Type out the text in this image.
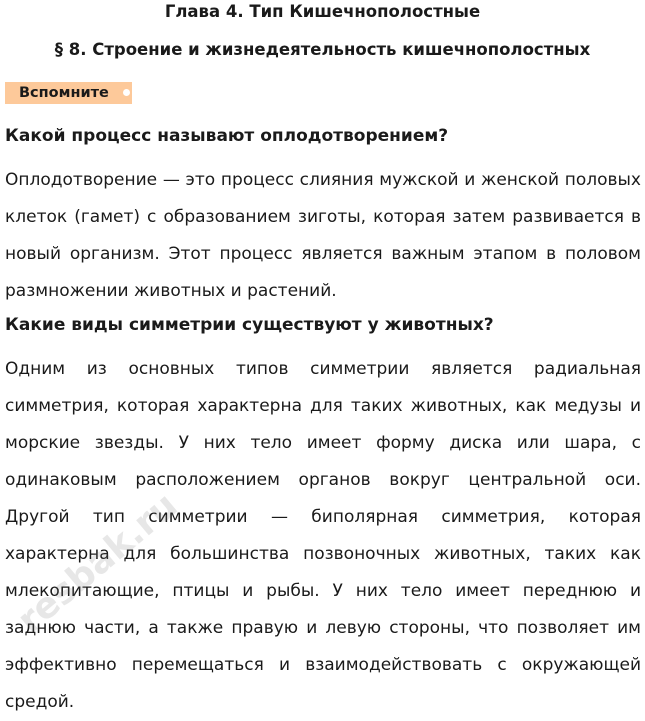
Глава 4. Тип Кишечнополостные
§ 8. Строение и жизнедеятельность кишечнополостных
Вспомните
Какой процесс называют оплодотворением?
Оплодотворение — это процесс слияния мужской и женской половых клеток (гамет) с образованием зиготы, которая затем развивается в новый организм. Этот процесс является важным этапом в половом размножении животных и растений.
Какие виды симметрии существуют у животных?
Одним из основных типов симметрии является радиальная симметрия, которая характерна для таких животных, как медузы и морские звезды. У них тело имеет форму диска или шара, с одинаковым расположением органов вокруг центральной оси. Другой тип симметрии — биполярная симметрия, которая характерна для большинства позвоночных животных, таких как млекопитающие, птицы и рыбы. У них тело имеет переднюю и заднюю части, а также правую и левую стороны, что позволяет им эффективно перемещаться и взаимодействовать с окружающей средой.
resbak.ru
